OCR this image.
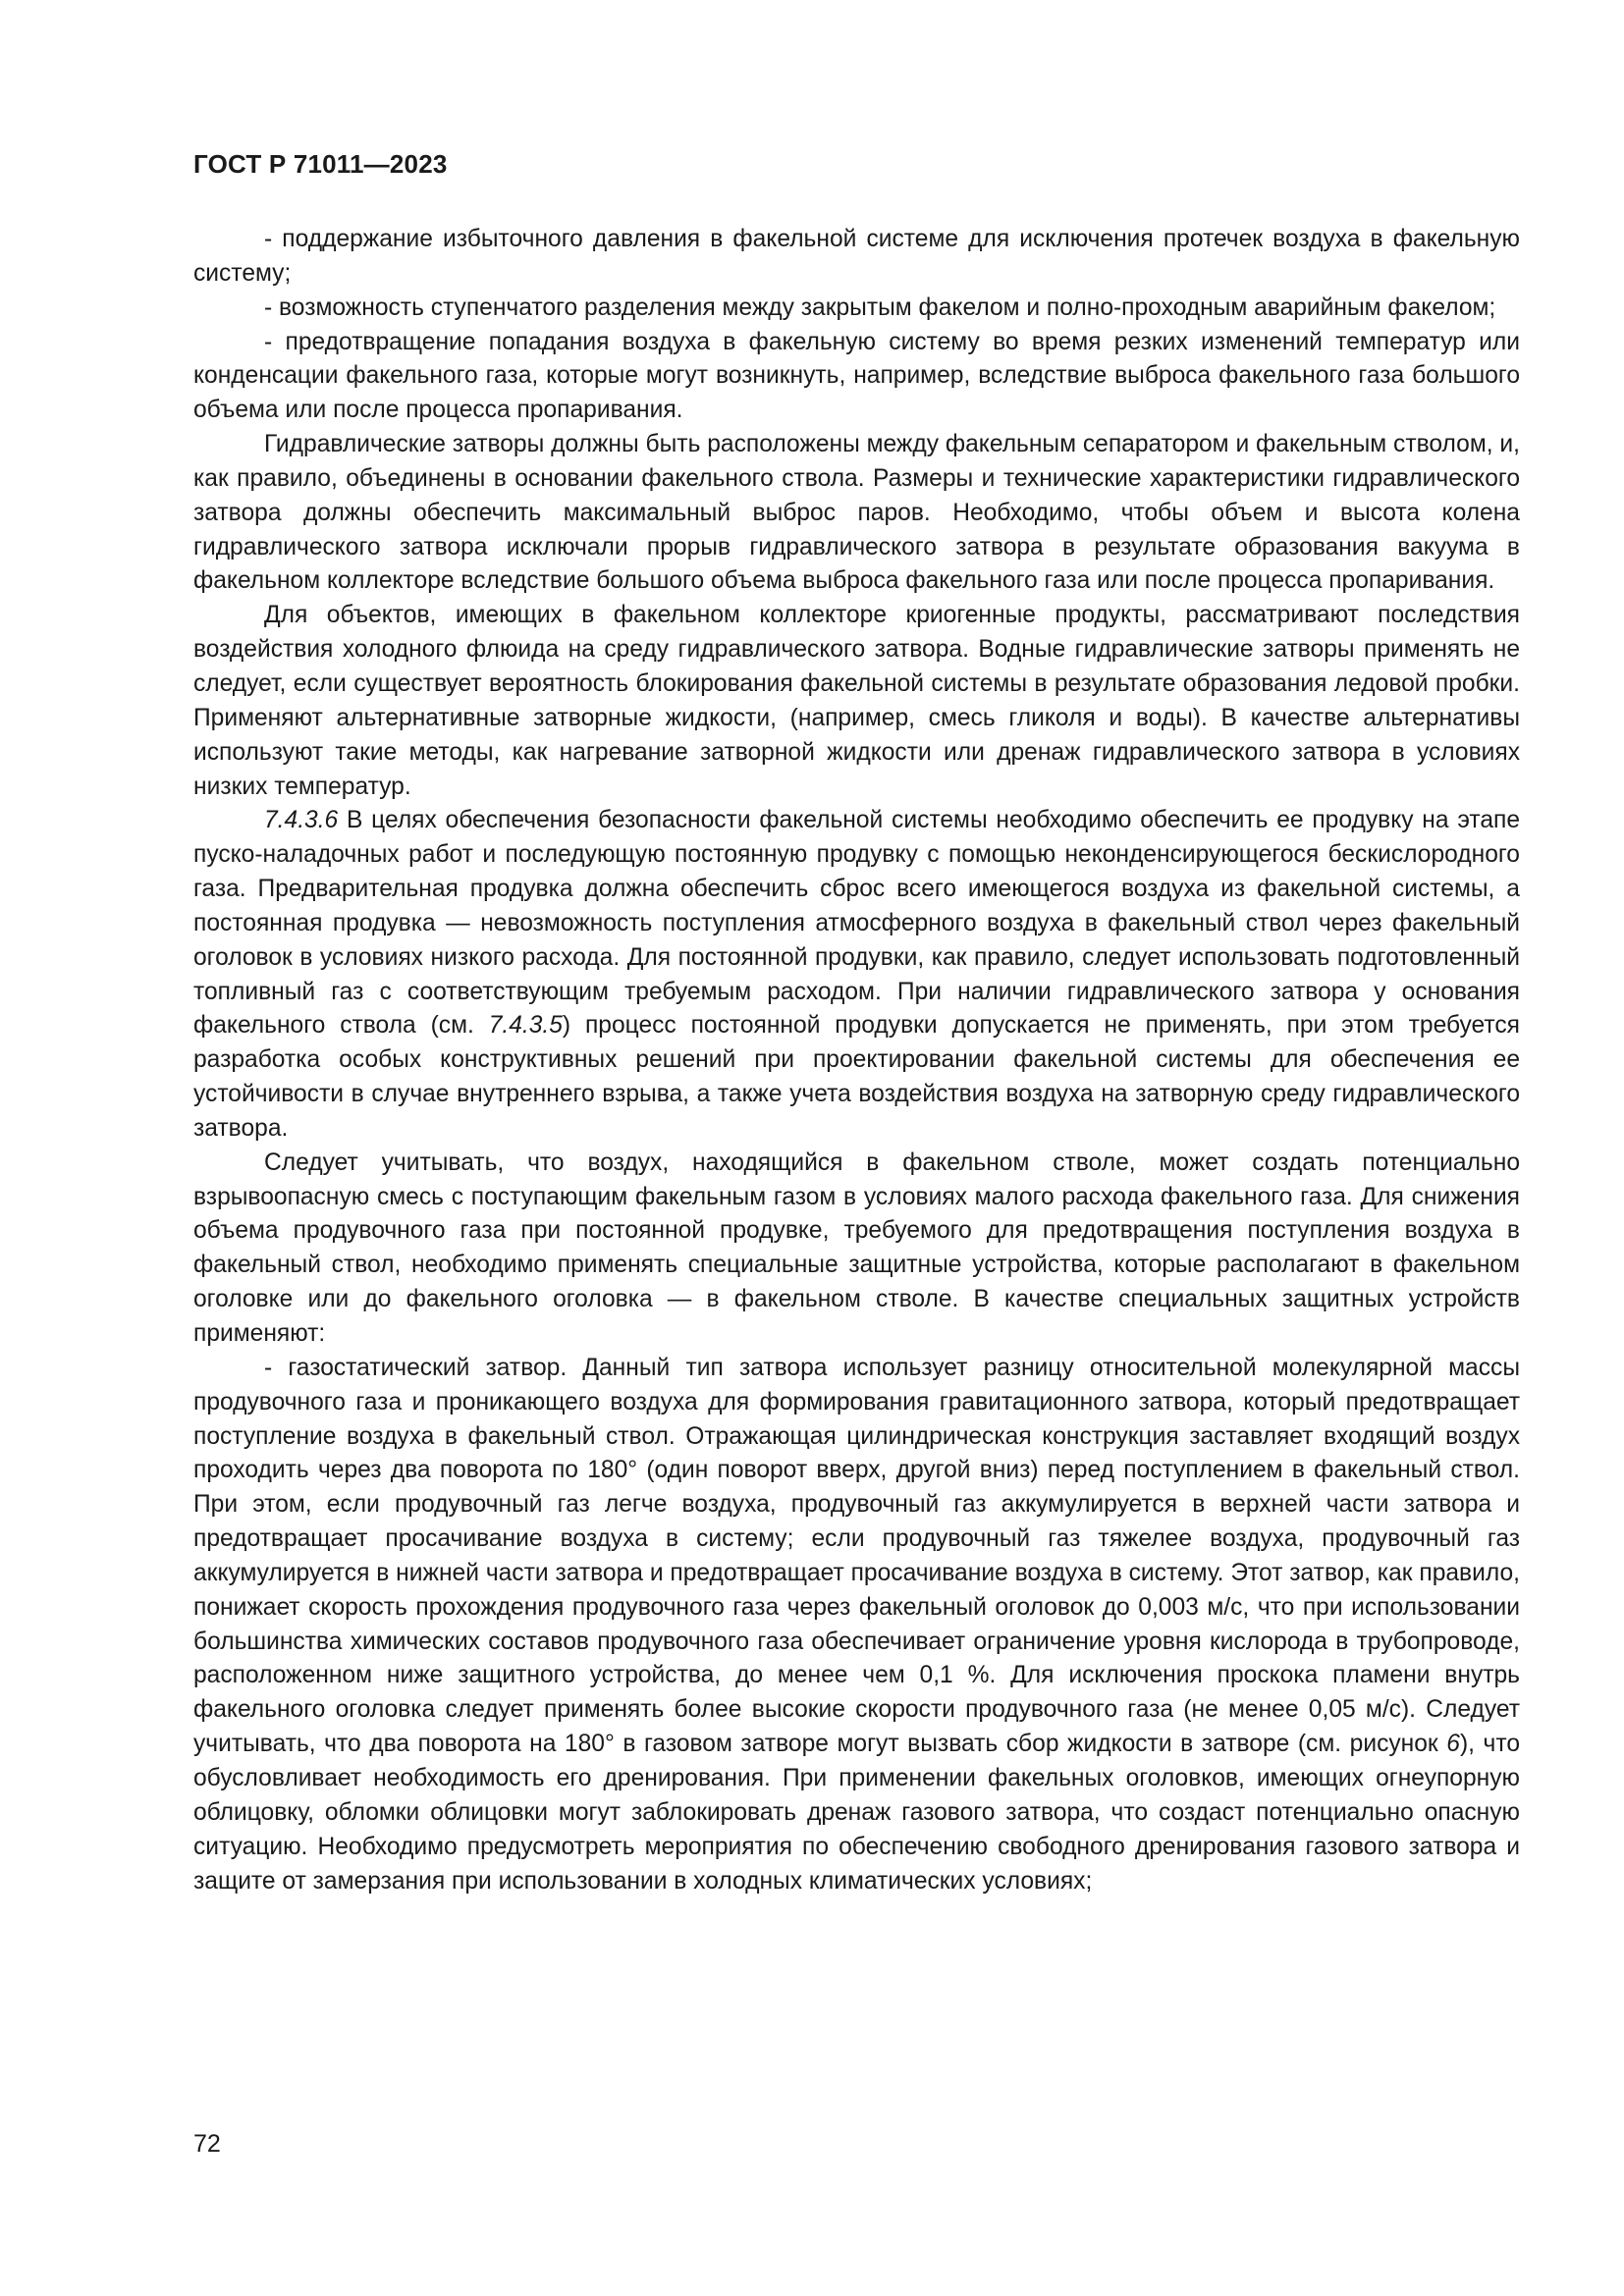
ГОСТ Р 71011—2023

- поддержание избыточного давления в факельной системе для исключения протечек воздуха в факельную систему;

- возможность ступенчатого разделения между закрытым факелом и полно-проходным аварийным факелом;

- предотвращение попадания воздуха в факельную систему во время резких изменений температур или конденсации факельного газа, которые могут возникнуть, например, вследствие выброса факельного газа большого объема или после процесса пропаривания.

Гидравлические затворы должны быть расположены между факельным сепаратором и факельным стволом, и, как правило, объединены в основании факельного ствола. Размеры и технические характеристики гидравлического затвора должны обеспечить максимальный выброс паров. Необходимо, чтобы объем и высота колена гидравлического затвора исключали прорыв гидравлического затвора в результате образования вакуума в факельном коллекторе вследствие большого объема выброса факельного газа или после процесса пропаривания.

Для объектов, имеющих в факельном коллекторе криогенные продукты, рассматривают последствия воздействия холодного флюида на среду гидравлического затвора. Водные гидравлические затворы применять не следует, если существует вероятность блокирования факельной системы в результате образования ледовой пробки. Применяют альтернативные затворные жидкости, (например, смесь гликоля и воды). В качестве альтернативы используют такие методы, как нагревание затворной жидкости или дренаж гидравлического затвора в условиях низких температур.

7.4.3.6 В целях обеспечения безопасности факельной системы необходимо обеспечить ее продувку на этапе пуско-наладочных работ и последующую постоянную продувку с помощью неконденсирующегося бескислородного газа. Предварительная продувка должна обеспечить сброс всего имеющегося воздуха из факельной системы, а постоянная продувка — невозможность поступления атмосферного воздуха в факельный ствол через факельный оголовок в условиях низкого расхода. Для постоянной продувки, как правило, следует использовать подготовленный топливный газ с соответствующим требуемым расходом. При наличии гидравлического затвора у основания факельного ствола (см. 7.4.3.5) процесс постоянной продувки допускается не применять, при этом требуется разработка особых конструктивных решений при проектировании факельной системы для обеспечения ее устойчивости в случае внутреннего взрыва, а также учета воздействия воздуха на затворную среду гидравлического затвора.

Следует учитывать, что воздух, находящийся в факельном стволе, может создать потенциально взрывоопасную смесь с поступающим факельным газом в условиях малого расхода факельного газа. Для снижения объема продувочного газа при постоянной продувке, требуемого для предотвращения поступления воздуха в факельный ствол, необходимо применять специальные защитные устройства, которые располагают в факельном оголовке или до факельного оголовка — в факельном стволе. В качестве специальных защитных устройств применяют:

- газостатический затвор. Данный тип затвора использует разницу относительной молекулярной массы продувочного газа и проникающего воздуха для формирования гравитационного затвора, который предотвращает поступление воздуха в факельный ствол. Отражающая цилиндрическая конструкция заставляет входящий воздух проходить через два поворота по 180° (один поворот вверх, другой вниз) перед поступлением в факельный ствол. При этом, если продувочный газ легче воздуха, продувочный газ аккумулируется в верхней части затвора и предотвращает просачивание воздуха в систему; если продувочный газ тяжелее воздуха, продувочный газ аккумулируется в нижней части затвора и предотвращает просачивание воздуха в систему. Этот затвор, как правило, понижает скорость прохождения продувочного газа через факельный оголовок до 0,003 м/с, что при использовании большинства химических составов продувочного газа обеспечивает ограничение уровня кислорода в трубопроводе, расположенном ниже защитного устройства, до менее чем 0,1 %. Для исключения проскока пламени внутрь факельного оголовка следует применять более высокие скорости продувочного газа (не менее 0,05 м/с). Следует учитывать, что два поворота на 180° в газовом затворе могут вызвать сбор жидкости в затворе (см. рисунок 6), что обусловливает необходимость его дренирования. При применении факельных оголовков, имеющих огнеупорную облицовку, обломки облицовки могут заблокировать дренаж газового затвора, что создаст потенциально опасную ситуацию. Необходимо предусмотреть мероприятия по обеспечению свободного дренирования газового затвора и защите от замерзания при использовании в холодных климатических условиях;

72
